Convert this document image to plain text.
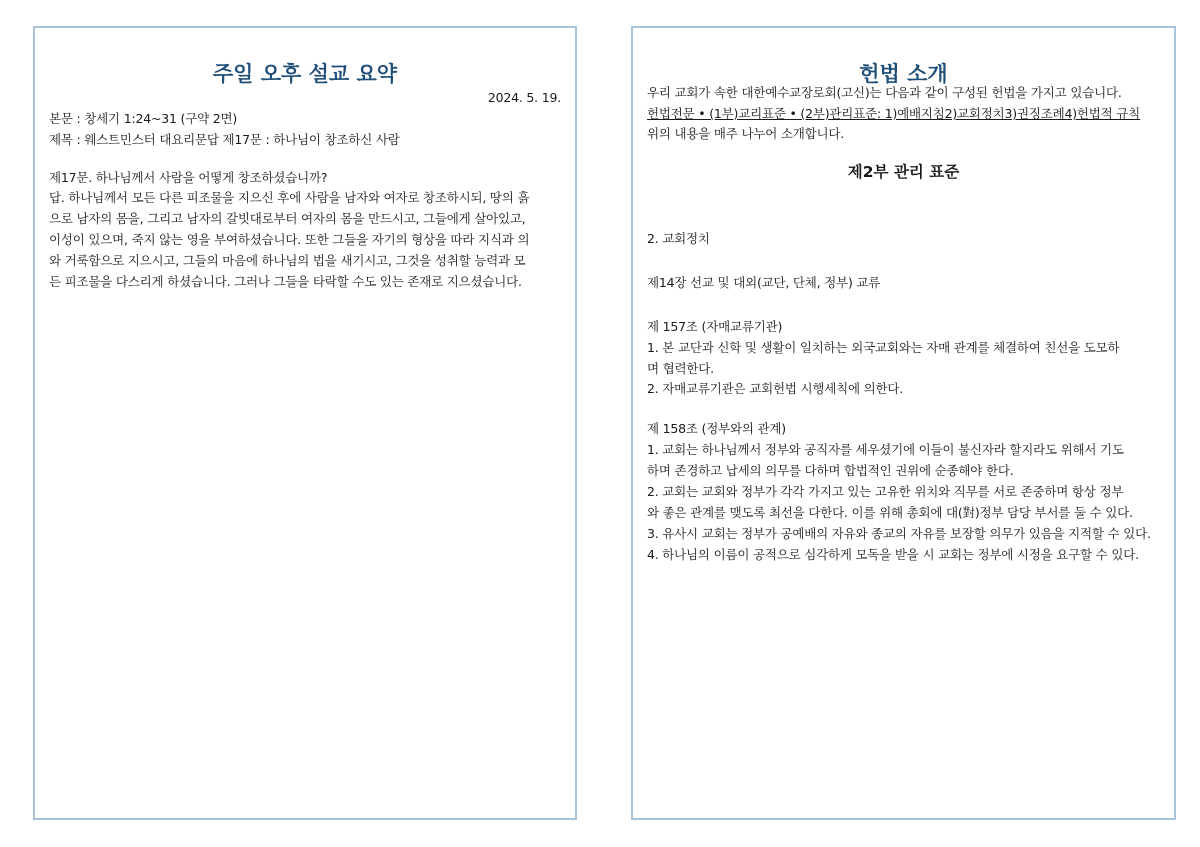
주일 오후 설교 요약
2024. 5. 19.
본문 : 창세기 1:24~31 (구약 2면)
제목 : 웨스트민스터 대요리문답 제17문 : 하나님이 창조하신 사람
제17문. 하나님께서 사람을 어떻게 창조하셨습니까?
답. 하나님께서 모든 다른 피조물을 지으신 후에 사람을 남자와 여자로 창조하시되, 땅의 흙
으로 남자의 몸을, 그리고 남자의 갈빗대로부터 여자의 몸을 만드시고, 그들에게 살아있고,
이성이 있으며, 죽지 않는 영을 부여하셨습니다. 또한 그들을 자기의 형상을 따라 지식과 의
와 거룩함으로 지으시고, 그들의 마음에 하나님의 법을 새기시고, 그것을 성취할 능력과 모
든 피조물을 다스리게 하셨습니다. 그러나 그들을 타락할 수도 있는 존재로 지으셨습니다.
헌법 소개
우리 교회가 속한 대한예수교장로회(고신)는 다음과 같이 구성된 헌법을 가지고 있습니다.
헌법전문 • (1부)교리표준 • (2부)관리표준: 1)예배지침2)교회정치3)권징조례4)헌법적 규칙
위의 내용을 매주 나누어 소개합니다.
제2부 관리 표준
2. 교회정치
제14장 선교 및 대외(교단, 단체, 정부) 교류
제 157조 (자매교류기관)
1. 본 교단과 신학 및 생활이 일치하는 외국교회와는 자매 관계를 체결하여 친선을 도모하
며 협력한다.
2. 자매교류기관은 교회헌법 시행세칙에 의한다.
제 158조 (정부와의 관계)
1. 교회는 하나님께서 정부와 공직자를 세우셨기에 이들이 불신자라 할지라도 위해서 기도
하며 존경하고 납세의 의무를 다하며 합법적인 권위에 순종해야 한다.
2. 교회는 교회와 정부가 각각 가지고 있는 고유한 위치와 직무를 서로 존중하며 항상 정부
와 좋은 관계를 맺도록 최선을 다한다. 이를 위해 총회에 대(對)정부 담당 부서를 둘 수 있다.
3. 유사시 교회는 정부가 공예배의 자유와 종교의 자유를 보장할 의무가 있음을 지적할 수 있다.
4. 하나님의 이름이 공적으로 심각하게 모독을 받을 시 교회는 정부에 시정을 요구할 수 있다.
